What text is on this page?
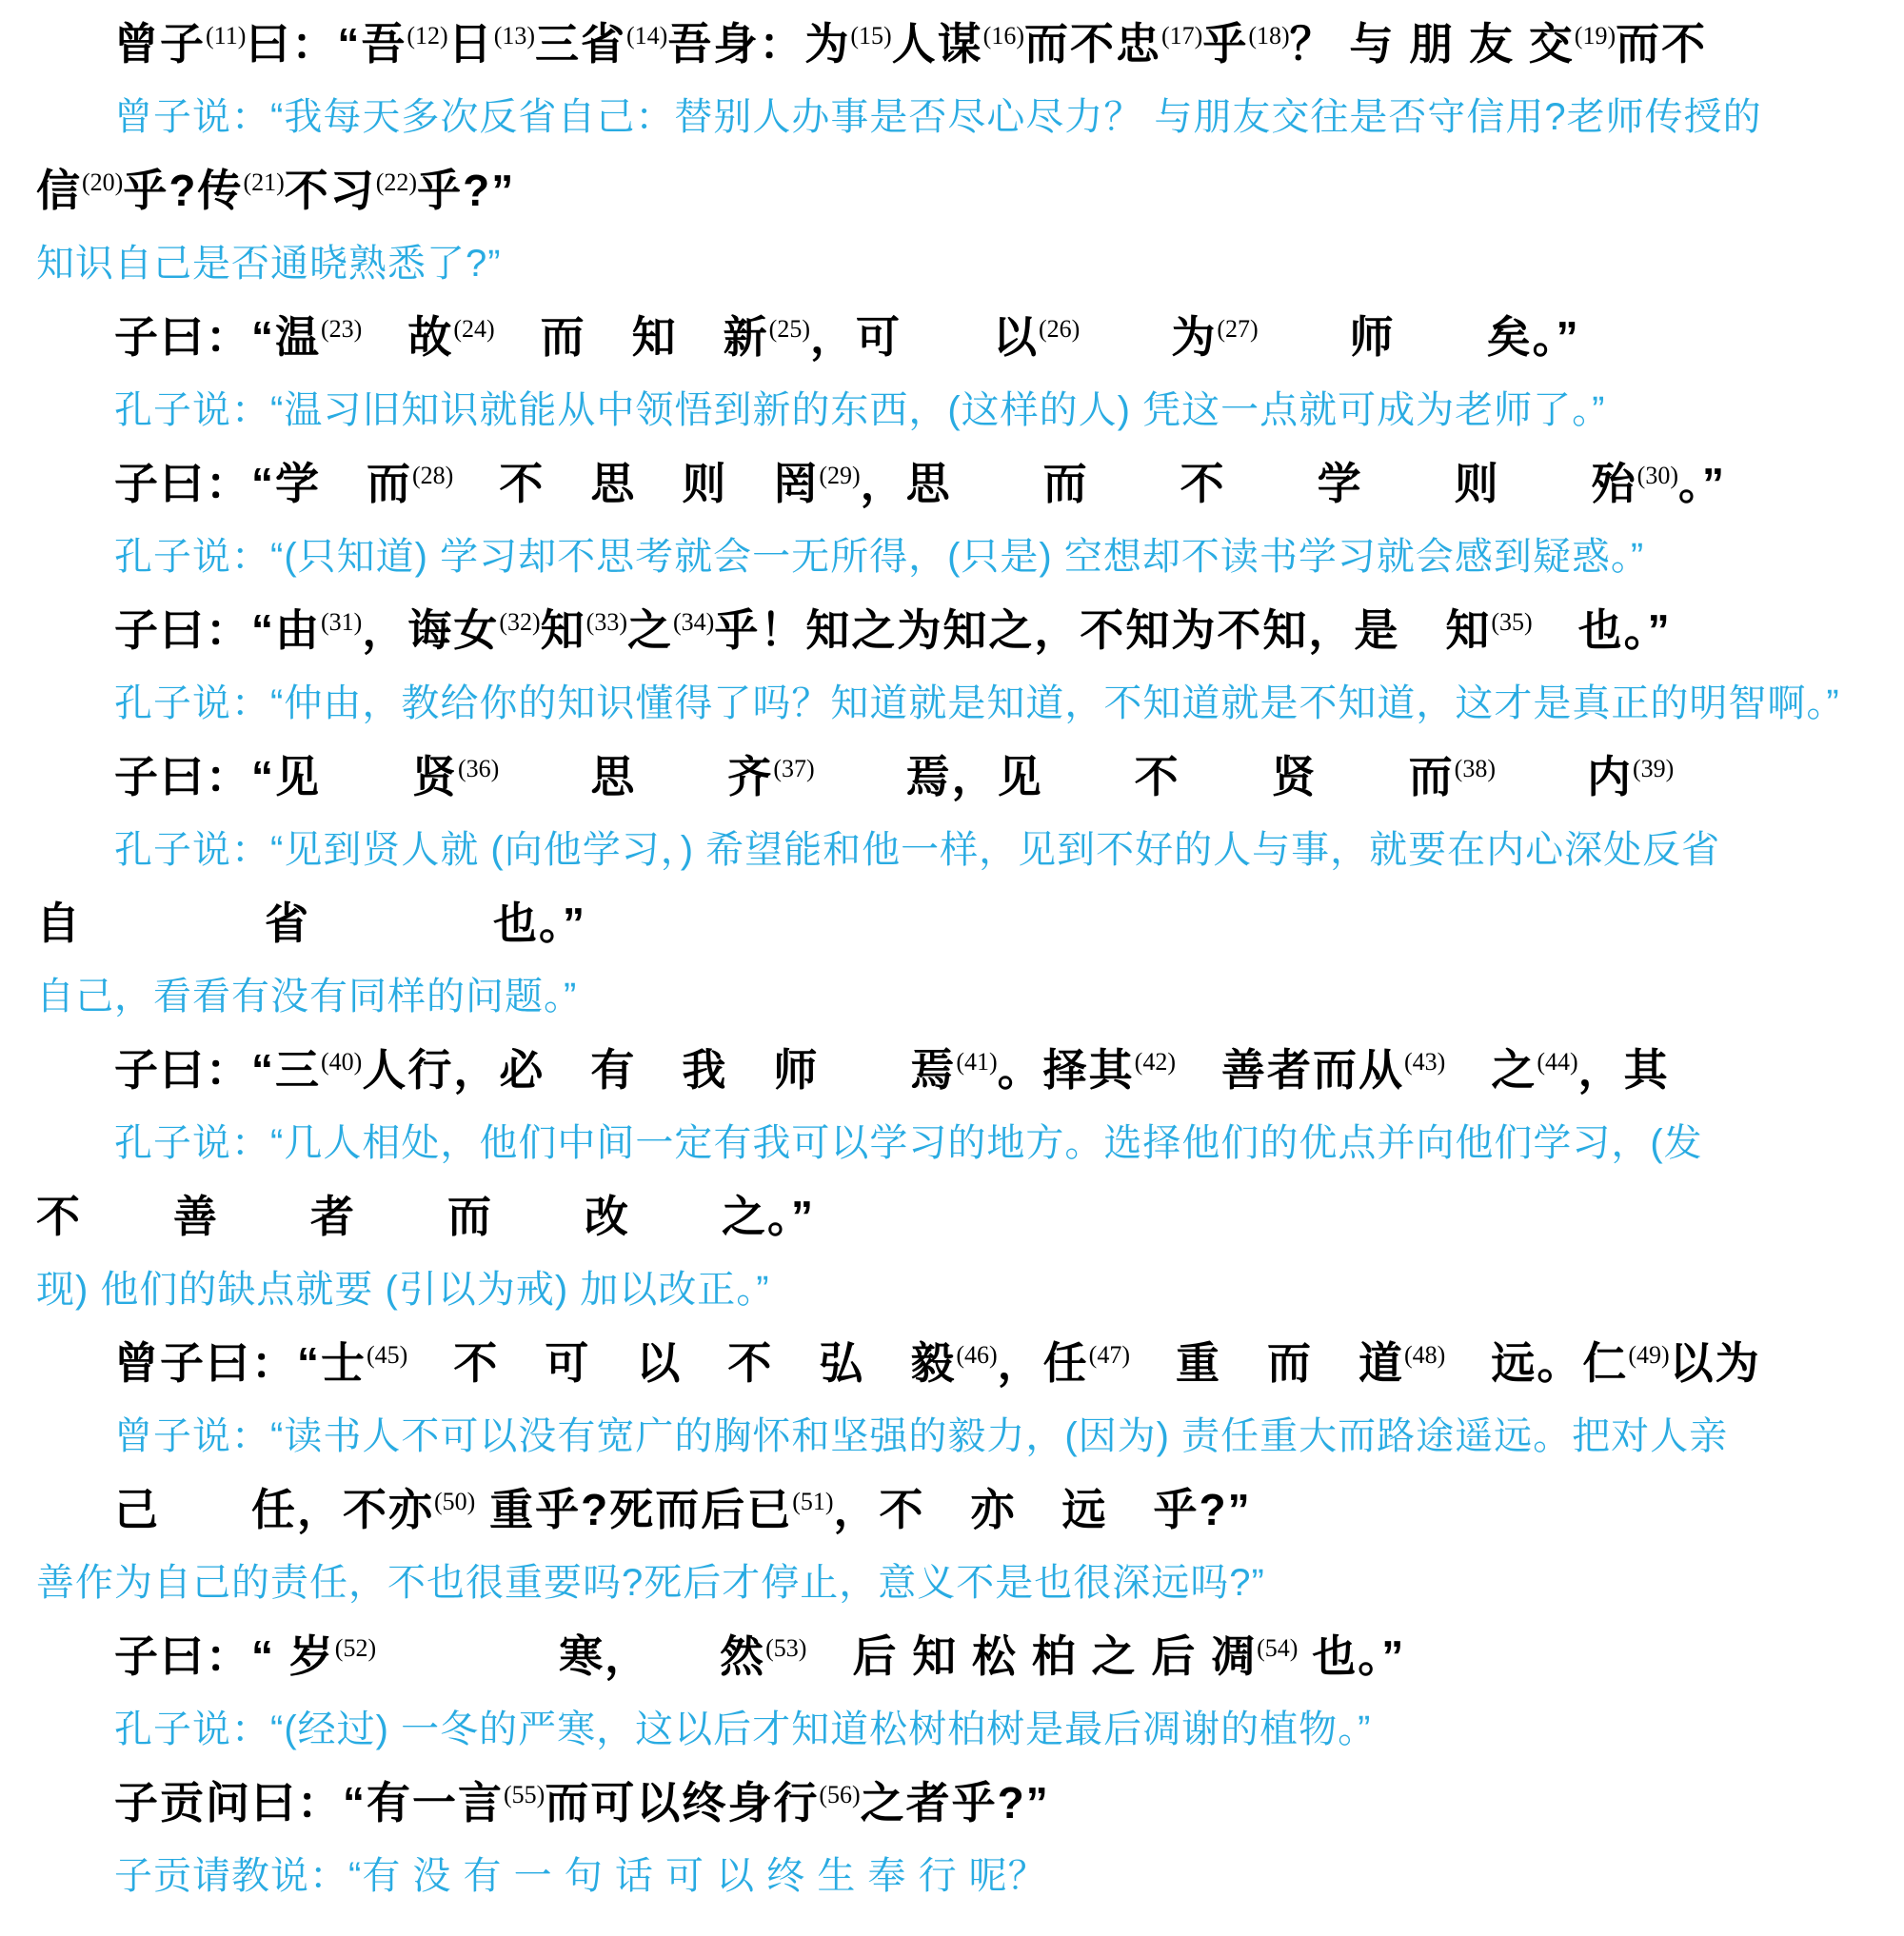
曾子$^{(11)}$曰：“吾$^{(12)}$日$^{(13)}$三省$^{(14)}$吾身：为$^{(15)}$人谋$^{(16)}$而不忠$^{(17)}$乎$^{(18)}$？ 与 朋 友 交$^{(19)}$而不
曾子说：“我每天多次反省自己：替别人办事是否尽心尽力？ 与朋友交往是否守信用?老师传授的
信$^{(20)}$乎?传$^{(21)}$不习$^{(22)}$乎?”
知识自己是否通晓熟悉了?”
子曰：“温$^{(23)}$　故$^{(24)}$　而　知　新$^{(25)}$，可　　以$^{(26)}$　　为$^{(27)}$　　师　　矣。”
孔子说：“温习旧知识就能从中领悟到新的东西，(这样的人) 凭这一点就可成为老师了。”
子曰：“学　而$^{(28)}$　不　思　则　罔$^{(29)}$，思　　而　　不　　学　　则　　殆$^{(30)}$。”
孔子说：“(只知道) 学习却不思考就会一无所得，(只是) 空想却不读书学习就会感到疑惑。”
子曰：“由$^{(31)}$，诲女$^{(32)}$知$^{(33)}$之$^{(34)}$乎！知之为知之，不知为不知，是　知$^{(35)}$　也。”
孔子说：“仲由，教给你的知识懂得了吗？知道就是知道，不知道就是不知道，这才是真正的明智啊。”
子曰：“见　　贤$^{(36)}$　　思　　齐$^{(37)}$　　焉，见　　不　　贤　　而$^{(38)}$　　内$^{(39)}$
孔子说：“见到贤人就 (向他学习，) 希望能和他一样，见到不好的人与事，就要在内心深处反省
自　　　　省　　　　也。”
自己，看看有没有同样的问题。”
子曰：“三$^{(40)}$人行，必　有　我　师　　焉$^{(41)}$。择其$^{(42)}$　善者而从$^{(43)}$　之$^{(44)}$，其
孔子说：“几人相处，他们中间一定有我可以学习的地方。选择他们的优点并向他们学习，(发
不　　善　　者　　而　　改　　之。”
现) 他们的缺点就要 (引以为戒) 加以改正。”
曾子曰：“士$^{(45)}$　不　可　以　不　弘　毅$^{(46)}$，任$^{(47)}$　重　而　道$^{(48)}$　远。仁$^{(49)}$以为
曾子说：“读书人不可以没有宽广的胸怀和坚强的毅力，(因为) 责任重大而路途遥远。把对人亲
己　　任，不亦$^{(50)}$ 重乎?死而后已$^{(51)}$，不　亦　远　乎?”
善作为自己的责任，不也很重要吗?死后才停止，意义不是也很深远吗?”
子曰：“ 岁$^{(52)}$　　　　寒，　　然$^{(53)}$　后 知 松 柏 之 后 凋$^{(54)}$ 也。”
孔子说：“(经过) 一冬的严寒，这以后才知道松树柏树是最后凋谢的植物。”
子贡问曰：“有一言$^{(55)}$而可以终身行$^{(56)}$之者乎?”
子贡请教说：“有 没 有 一 句 话 可 以 终 生 奉 行 呢？
